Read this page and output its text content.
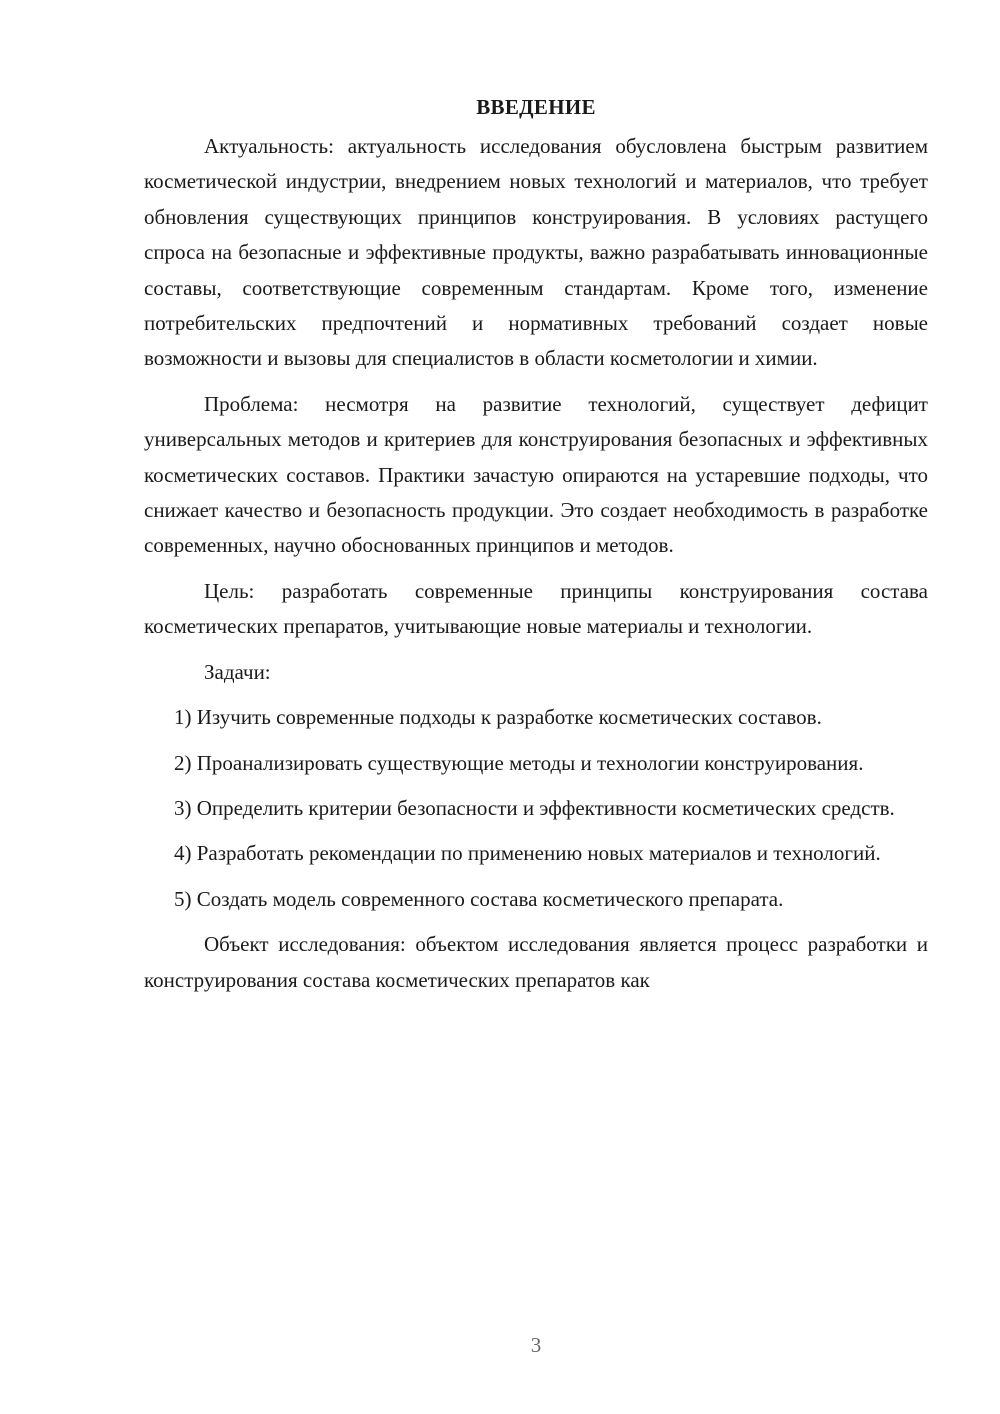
ВВЕДЕНИЕ

Актуальность: актуальность исследования обусловлена быстрым развитием косметической индустрии, внедрением новых технологий и материалов, что требует обновления существующих принципов конструирования. В условиях растущего спроса на безопасные и эффективные продукты, важно разрабатывать инновационные составы, соответствующие современным стандартам. Кроме того, изменение потребительских предпочтений и нормативных требований создает новые возможности и вызовы для специалистов в области косметологии и химии.

Проблема: несмотря на развитие технологий, существует дефицит универсальных методов и критериев для конструирования безопасных и эффективных косметических составов. Практики зачастую опираются на устаревшие подходы, что снижает качество и безопасность продукции. Это создает необходимость в разработке современных, научно обоснованных принципов и методов.

Цель: разработать современные принципы конструирования состава косметических препаратов, учитывающие новые материалы и технологии.

Задачи:

1) Изучить современные подходы к разработке косметических составов.

2) Проанализировать существующие методы и технологии конструирования.

3) Определить критерии безопасности и эффективности косметических средств.

4) Разработать рекомендации по применению новых материалов и технологий.

5) Создать модель современного состава косметического препарата.

Объект исследования: объектом исследования является процесс разработки и конструирования состава косметических препаратов как

3
